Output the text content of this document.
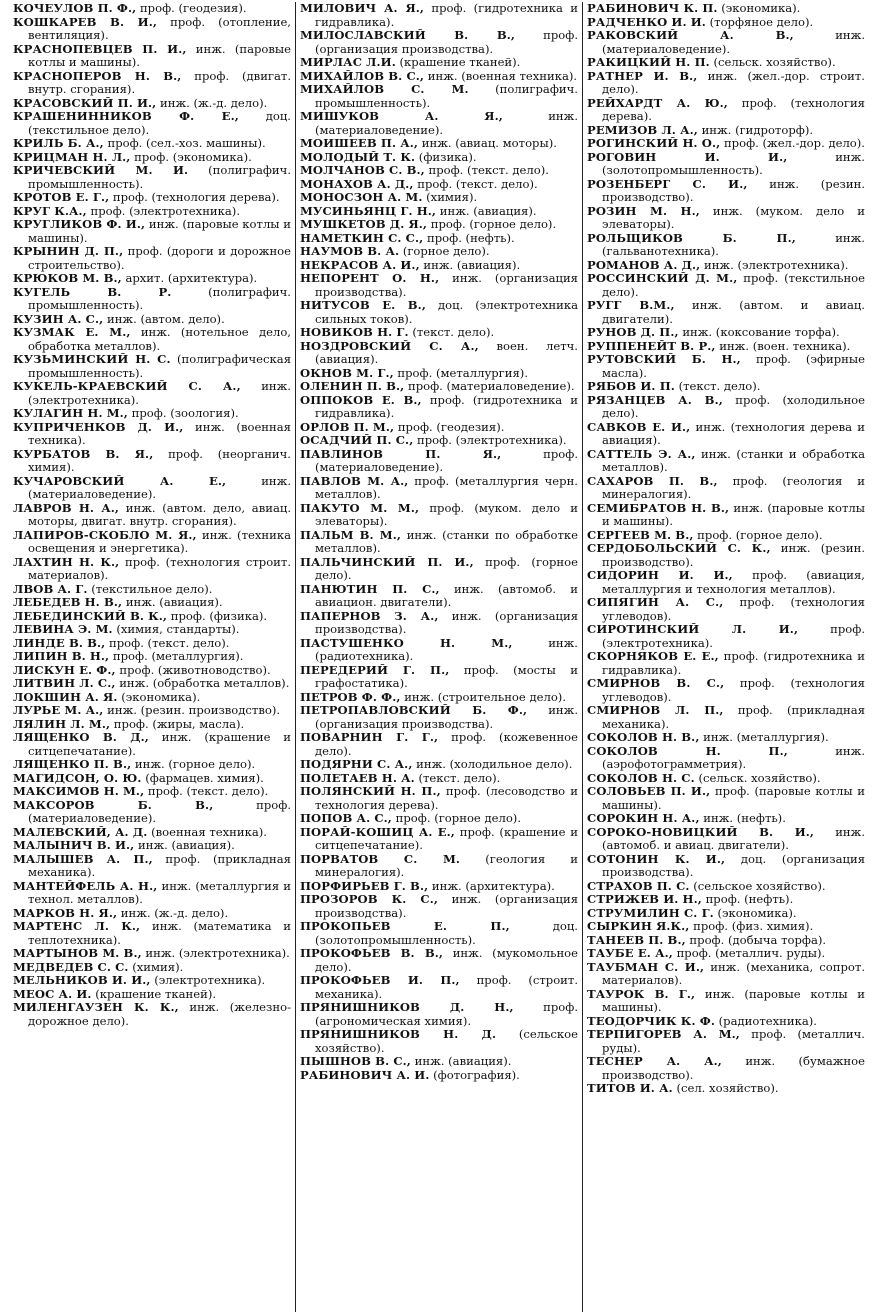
КОЧЕУЛОВ П. Ф., проф. (геодезия).

КОШКАРЕВ В. И., проф. (отопление, вентиляция).

КРАСНОПЕВЦЕВ П. И., инж. (паровые котлы и машины).

КРАСНОПЕРОВ Н. В., проф. (двигат. внутр. сгорания).

КРАСОВСКИЙ П. И., инж. (ж.-д. дело).

КРАШЕНИННИКОВ Ф. Е., доц. (текстильное дело).

КРИЛЬ Б. А., проф. (сел.-хоз. машины).

КРИЦМАН Н. Л., проф. (экономика).

КРИЧЕВСКИЙ М. И. (полиграфич. промышленность).

КРОТОВ Е. Г., проф. (технология дерева).

КРУГ К.А., проф. (электротехника).

КРУГЛИКОВ Ф. И., инж. (паровые котлы и машины).

КРЫНИН Д. П., проф. (дороги и дорожное строительство).

КРЮКОВ М. В., архит. (архитектура).

КУГЕЛЬ В. Р.	(полиграфич. промышленность).

КУЗИН А. С., инж. (автом. дело).

КУЗМАК Е. М., инж. (нотельное дело, обработка металлов).

КУЗЬМИНСКИЙ Н. С. (полиграфическая промышленность).

КУКЕЛЬ-КРАЕВСКИЙ С. А., инж. (электротехника).

КУЛАГИН Н. М., проф. (зоология).

КУПРИЧЕНКОВ Д. И., инж. (военная техника).

КУРБАТОВ В. Я., проф. (неорганич. химия).

КУЧАРОВСКИЙ А. Е.,	инж. (материаловедение).

ЛАВРОВ Н. А., инж. (автом. дело, авиац. моторы, двигат. внутр. сгорания).

ЛАПИРОВ-СКОБЛО М. Я., инж. (техника освещения и энергетика).

ЛАХТИН Н. К., проф. (технология строит. материалов).

ЛВОВ А. Г. (текстильное дело).

ЛЕБЕДЕВ Н. В., инж. (авиация).

ЛЕБЕДИНСКИЙ В. К., проф. (физика).

ЛЕВИНА Э. М. (химия, стандарты).

ЛИНДЕ В. В., проф. (текст. дело).

ЛИПИН В. Н., проф. (металлургия).

ЛИСКУН Е. Ф., проф. (животноводство).

ЛИТВИН Л. С., инж. (обработка металлов).

ЛОКШИН А. Я. (экономика).

ЛУРЬЕ М. А., инж. (резин. производство).

ЛЯЛИН Л. М., проф. (жиры, масла).

ЛЯЩЕНКО В. Д., инж. (крашение и ситцепечатание).

ЛЯЩЕНКО П. В., инж. (горное дело).

МАГИДСОН, О. Ю. (фармацев. химия).

МАКСИМОВ Н. М., проф. (текст. дело).

МАКСОРОВ Б. В.,	проф. (материаловедение).

МАЛЕВСКИЙ, А. Д. (военная техника).

МАЛЫНИЧ В. И., инж. (авиация).

МАЛЫШЕВ А. П., проф. (прикладная механика).

МАНТЕЙФЕЛЬ А. Н., инж. (металлургия и технол. металлов).

МАРКОВ Н. Я., инж. (ж.-д. дело).

МАРТЕНС Л. К., инж. (математика и теплотехника).

МАРТЫНОВ М. В., инж. (электротехника).

МЕДВЕДЕВ С. С. (химия).

МЕЛЬНИКОВ И. И., (электротехника).

МЕОС А. И. (крашение тканей).

МИЛЕНГАУЗЕН К. К., инж. (железно-дорожное дело).

МИЛОВИЧ А. Я., проф. (гидротехника и гидравлика).

МИЛОСЛАВСКИЙ В. В., проф. (организация производства).

МИРЛАС Л.И. (крашение тканей).

МИХАЙЛОВ В. С., инж. (военная техника).

МИХАЙЛОВ С. М. (полиграфич. промышленность).

МИШУКОВ А. Я.,	инж. (материаловедение).

МОИШЕЕВ П. А., инж. (авиац. моторы).

МОЛОДЫЙ Т. К. (физика).

МОЛЧАНОВ С. В., проф. (текст. дело).

МОНАХОВ А. Д., проф. (текст. дело).

МОНОСЗОН А. М. (химия).

МУСИНЬЯНЦ Г. Н., инж. (авиация).

МУШКЕТОВ Д. Я., проф. (горное дело).

НАМЕТКИН С. С., проф. (нефть).

НАУМОВ В. А. (горное дело).

НЕКРАСОВ А. И., инж. (авиация).

НЕПОРЕНТ О. Н., инж. (организация производства).

НИТУСОВ Е. В., доц. (электротехника сильных токов).

НОВИКОВ Н. Г. (текст. дело).

НОЗДРОВСКИЙ С. А., воен. летч. (авиация).

ОКНОВ М. Г., проф. (металлургия).

ОЛЕНИН П. В., проф. (материаловедение).

ОППОКОВ Е. В., проф. (гидротехника и гидравлика).

ОРЛОВ П. М., проф. (геодезия).

ОСАДЧИЙ П. С., проф. (электротехника).

ПАВЛИНОВ П. Я.,	проф. (материаловедение).

ПАВЛОВ М. А., проф. (металлургия черн. металлов).

ПАКУТО М. М., проф. (муком. дело и элеваторы).

ПАЛЬМ В. М., инж. (станки по обработке металлов).

ПАЛЬЧИНСКИЙ П. И., проф. (горное дело).

ПАНЮТИН П. С., инж. (автомоб. и авиацион. двигатели).

ПАПЕРНОВ З. А., инж. (организация производства).

ПАСТУШЕНКО Н. М.,	инж. (радиотехника).

ПЕРЕДЕРИЙ Г. П., проф. (мосты и графостатика).

ПЕТРОВ Ф. Ф., инж. (строительное дело).

ПЕТРОПАВЛОВСКИЙ Б. Ф., инж. (организация производства).

ПОВАРНИН Г. Г., проф. (кожевенное дело).

ПОДЯРНИ С. А., инж. (холодильное дело).

ПОЛЕТАЕВ Н. А. (текст. дело).

ПОЛЯНСКИЙ Н. П., проф. (лесоводство и технология дерева).

ПОПОВ А. С., проф. (горное дело).

ПОРАЙ-КОШИЦ А. Е., проф. (крашение и ситцепечатание).

ПОРВАТОВ С. М. (геология и минералогия).

ПОРФИРЬЕВ Г. В., инж. (архитектура).

ПРОЗОРОВ К. С., инж. (организация производства).

ПРОКОПЬЕВ Е. П.,	доц. (золотопромышленность).

ПРОКОФЬЕВ В. В., инж. (мукомольное дело).

ПРОКОФЬЕВ И. П., проф. (строит. механика).

ПРЯНИШНИКОВ Д. Н.,	проф. (агрономическая химия).

ПРЯНИШНИКОВ Н. Д. (сельское хозяйство).

ПЫШНОВ В. С., инж. (авиация).

РАБИНОВИЧ А. И. (фотография).

РАБИНОВИЧ К. П. (экономика).

РАДЧЕНКО И. И. (торфяное дело).

РАКОВСКИЙ А. В.,	инж. (материаловедение).

РАКИЦКИЙ Н. П. (сельск. хозяйство).

РАТНЕР И. В., инж. (жел.-дор. строит. дело).

РЕЙХАРДТ А. Ю., проф. (технология дерева).

РЕМИЗОВ Л. А., инж. (гидроторф).

РОГИНСКИЙ Н. О., проф. (жел.-дор. дело).

РОГОВИН И. И.,	инж. (золотопромышленность).

РОЗЕНБЕРГ С. И., инж. (резин. производство).

РОЗИН М. Н., инж. (муком. дело и элеваторы).

РОЛЬЩИКОВ Б. П.,	инж. (гальванотехника).

РОМАНОВ А. Д., инж. (электротехника).

РОССИНСКИЙ Д. М., проф. (текстильное дело).

РУГГ В.М., инж. (автом. и авиац. двигатели).

РУНОВ Д. П., инж. (коксование торфа).

РУППЕНЕЙТ В. Р., инж. (воен. техника).

РУТОВСКИЙ Б. Н., проф. (эфирные масла).

РЯБОВ И. П. (текст. дело).

РЯЗАНЦЕВ А. В., проф. (холодильное дело).

САВКОВ Е. И., инж. (технология дерева и авиация).

САТТЕЛЬ Э. А., инж. (станки и обработка металлов).

САХАРОВ П. В., проф. (геология и минералогия).

СЕМИБРАТОВ Н. В., инж. (паровые котлы и машины).

СЕРГЕЕВ М. В., проф. (горное дело).

СЕРДОБОЛЬСКИЙ С. К., инж. (резин. производство).

СИДОРИН И. И., проф. (авиация, металлургия и технология металлов).

СИПЯГИН А. С., проф. (технология углеводов).

СИРОТИНСКИЙ Л. И.,	проф. (электротехника).

СКОРНЯКОВ Е. Е., проф. (гидротехника и гидравлика).

СМИРНОВ В. С., проф. (технология углеводов).

СМИРНОВ Л. П., проф. (прикладная механика).

СОКОЛОВ Н. В., инж. (металлургия).

СОКОЛОВ Н. П.,	инж. (аэрофотограмметрия).

СОКОЛОВ Н. С. (сельск. хозяйство).

СОЛОВЬЕВ П. И., проф. (паровые котлы и машины).

СОРОКИН Н. А., инж. (нефть).

СОРОКО-НОВИЦКИЙ В. И., инж. (автомоб. и авиац. двигатели).

СОТОНИН К. И., доц. (организация производства).

СТРАХОВ П. С. (сельское хозяйство).

СТРИЖЕВ И. Н., проф. (нефть).

СТРУМИЛИН С. Г. (экономика).

СЫРКИН Я.К., проф. (физ. химия).

ТАНЕЕВ П. В., проф. (добыча торфа).

ТАУБЕ Е. А., проф. (металлич. руды).

ТАУБМАН С. И., инж. (механика, сопрот. материалов).

ТАУРОК В. Г., инж. (паровые котлы и машины).

ТЕОДОРЧИК К. Ф. (радиотехника).

ТЕРПИГОРЕВ А. М., проф. (металлич. руды).

ТЕСНЕР А. А., инж. (бумажное производство).

ТИТОВ И. А. (сел. хозяйство).
